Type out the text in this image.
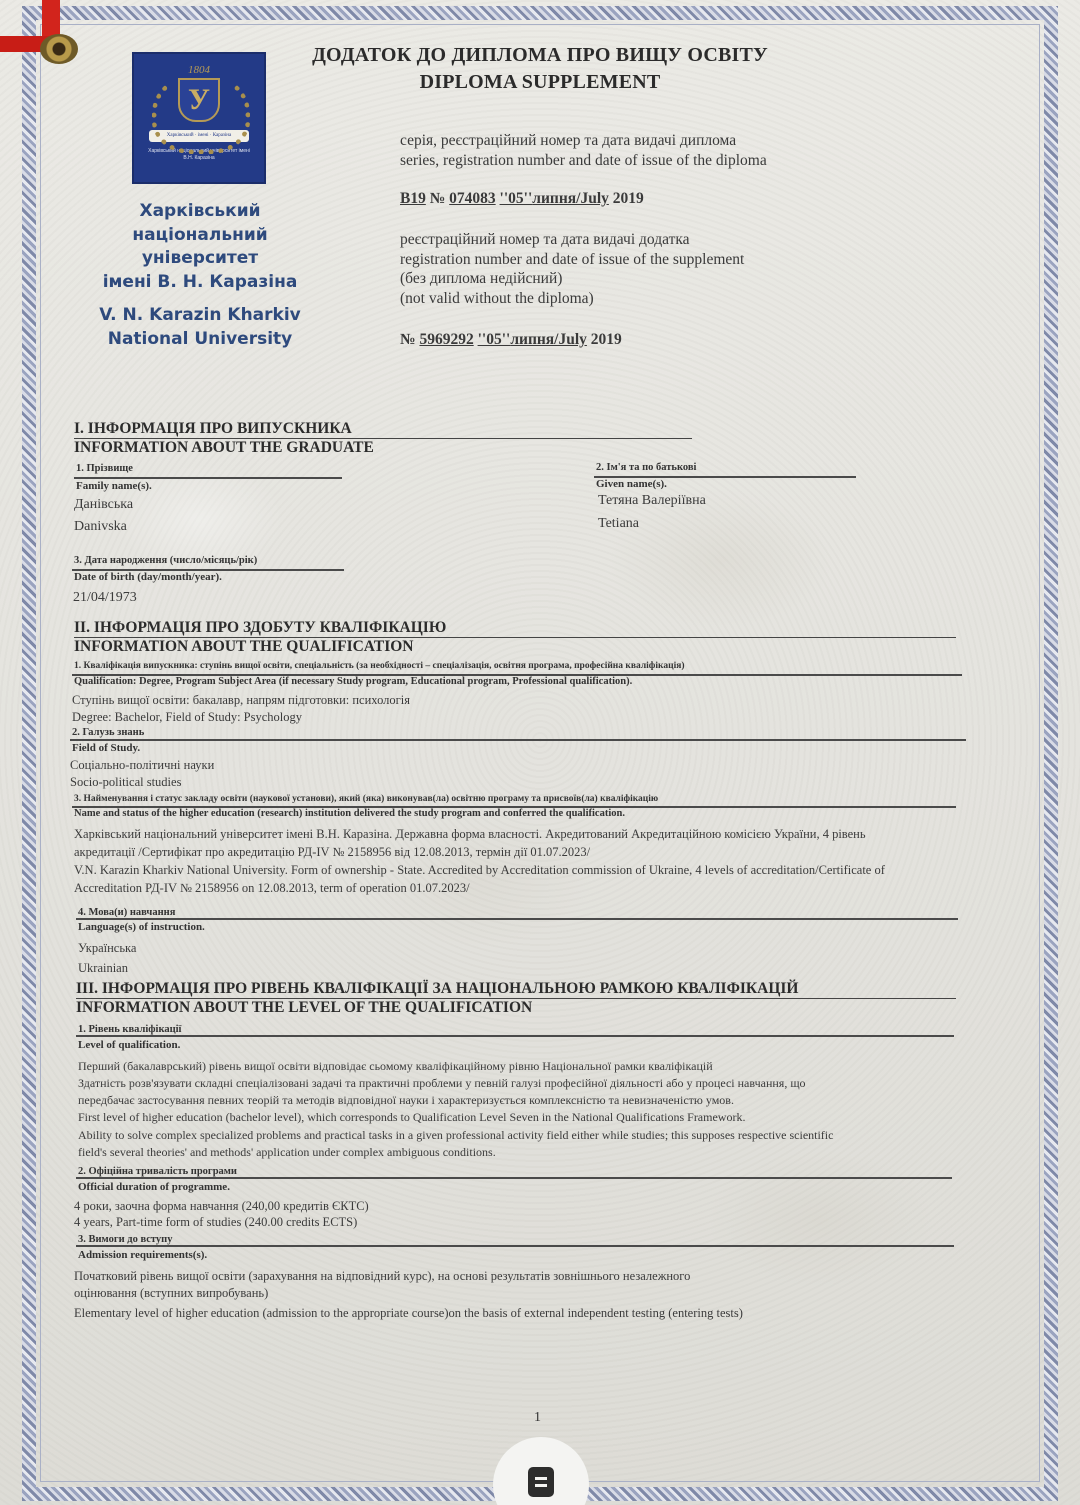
1804
У
Харківський · імені · Каразіна
Харківський національний університет імені В.Н. Каразіна
Харківський
національний
університет
імені В. Н. Каразіна
V. N. Karazin Kharkiv
National University
ДОДАТОК ДО ДИПЛОМА ПРО ВИЩУ ОСВІТУ
DIPLOMA SUPPLEMENT
серія, реєстраційний номер та дата видачі диплома
series, registration number and date of issue of the diploma
В19 № 074083 ''05''липня/July 2019
реєстраційний номер та дата видачі додатка
registration number and date of issue of the supplement
(без диплома недійсний)
(not valid without the diploma)
№ 5969292 ''05''липня/July 2019
I. ІНФОРМАЦІЯ ПРО ВИПУСКНИКА
INFORMATION ABOUT THE GRADUATE
1. Прізвище
Family name(s).
Данівська
Danivska
2. Ім'я та по батькові
Given name(s).
Тетяна Валеріївна
Tetiana
3. Дата народження (число/місяць/рік)
Date of birth (day/month/year).
21/04/1973
II. ІНФОРМАЦІЯ ПРО ЗДОБУТУ КВАЛІФІКАЦІЮ
INFORMATION ABOUT THE QUALIFICATION
1. Кваліфікація випускника: ступінь вищої освіти, спеціальність (за необхідності – спеціалізація, освітня програма, професійна кваліфікація)
Qualification: Degree, Program Subject Area (if necessary Study program, Educational program, Professional qualification).
Ступінь вищої освіти: бакалавр, напрям підготовки: психологія
Degree: Bachelor, Field of Study: Psychology
2. Галузь знань
Field of Study.
Соціально-політичні науки
Socio-political studies
3. Найменування і статус закладу освіти (наукової установи), який (яка) виконував(ла) освітню програму та присвоїв(ла) кваліфікацію
Name and status of the higher education (research) institution delivered the study program and conferred the qualification.
Харківський національний університет імені В.Н. Каразіна. Державна форма власності. Акредитований Акредитаційною комісією України, 4 рівень
акредитації /Сертифікат про акредитацію РД-IV № 2158956 від 12.08.2013, термін дії 01.07.2023/
V.N. Karazin Kharkiv National University. Form of ownership - State. Accredited by Accreditation commission of Ukraine, 4 levels of accreditation/Certificate of
Accreditation РД-IV № 2158956 on 12.08.2013, term of operation 01.07.2023/
4. Мова(и) навчання
Language(s) of instruction.
Українська
Ukrainian
III. ІНФОРМАЦІЯ ПРО РІВЕНЬ КВАЛІФІКАЦІЇ ЗА НАЦІОНАЛЬНОЮ РАМКОЮ КВАЛІФІКАЦІЙ
INFORMATION ABOUT THE LEVEL OF THE QUALIFICATION
1. Рівень кваліфікації
Level of qualification.
Перший (бакалаврський) рівень вищої освіти відповідає сьомому кваліфікаційному рівню Національної рамки кваліфікацій
Здатність розв'язувати складні спеціалізовані задачі та практичні проблеми у певній галузі професійної діяльності або у процесі навчання, що
передбачає застосування певних теорій та методів відповідної науки і характеризується комплексністю та невизначеністю умов.
First level of higher education (bachelor level), which corresponds to Qualification Level Seven in the National Qualifications Framework.
Ability to solve complex specialized problems and practical tasks in a given professional activity field either while studies; this supposes respective scientific
field's several theories' and methods' application under complex ambiguous conditions.
2. Офіційна тривалість програми
Official duration of programme.
4 роки, заочна форма навчання (240,00 кредитів ЄКТС)
4 years, Part-time form of studies (240.00 credits ECTS)
3. Вимоги до вступу
Admission requirements(s).
Початковий рівень вищої освіти (зарахування на відповідний курс), на основі результатів зовнішнього незалежного
оцінювання (вступних випробувань)
Elementary level of higher education (admission to the appropriate course)on the basis of external independent testing (entering tests)
1
